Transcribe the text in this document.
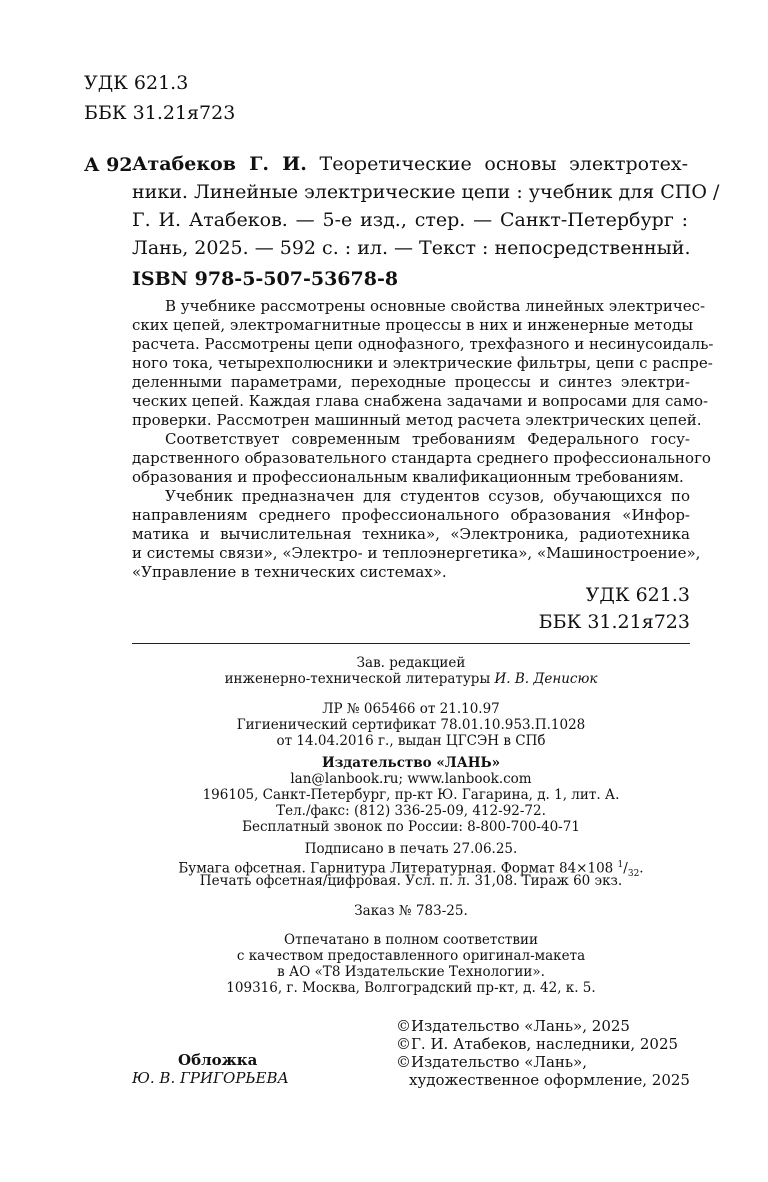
УДК 621.3
ББК 31.21я723
А 92 Атабеков Г. И. Теоретические основы электротех-
ники. Линейные электрические цепи : учебник для СПО /
Г. И. Атабеков. — 5-е изд., стер. — Санкт-Петербург :
Лань, 2025. — 592 с. : ил. — Текст : непосредственный.
ISBN 978-5-507-53678-8
В учебнике рассмотрены основные свойства линейных электричес-
ских цепей, электромагнитные процессы в них и инженерные методы
расчета. Рассмотрены цепи однофазного, трехфазного и несинусоидаль-
ного тока, четырехполюсники и электрические фильтры, цепи с распре-
деленными параметрами, переходные процессы и синтез электри-
ческих цепей. Каждая глава снабжена задачами и вопросами для само-
проверки. Рассмотрен машинный метод расчета электрических цепей.
Соответствует современным требованиям Федерального госу-
дарственного образовательного стандарта среднего профессионального
образования и профессиональным квалификационным требованиям.
Учебник предназначен для студентов ссузов, обучающихся по
направлениям среднего профессионального образования «Инфор-
матика и вычислительная техника», «Электроника, радиотехника
и системы связи», «Электро- и теплоэнергетика», «Машиностроение»,
«Управление в технических системах».
УДК 621.3
ББК 31.21я723
Зав. редакцией
инженерно-технической литературы И. В. Денисюк
ЛР № 065466 от 21.10.97
Гигиенический сертификат 78.01.10.953.П.1028
от 14.04.2016 г., выдан ЦГСЭН в СПб
Издательство «ЛАНЬ»
lan@lanbook.ru; www.lanbook.com
196105, Санкт-Петербург, пр-кт Ю. Гагарина, д. 1, лит. А.
Тел./факс: (812) 336-25-09, 412-92-72.
Бесплатный звонок по России: 8-800-700-40-71
Подписано в печать 27.06.25.
Бумага офсетная. Гарнитура Литературная. Формат 84×108 $^1/_{32}$.
Печать офсетная/цифровая. Усл. п. л. 31,08. Тираж 60 экз.
Заказ № 783-25.
Отпечатано в полном соответствии
с качеством предоставленного оригинал-макета
в АО «Т8 Издательские Технологии».
109316, г. Москва, Волгоградский пр-кт, д. 42, к. 5.
©Издательство «Лань», 2025
©Г. И. Атабеков, наследники, 2025
©Издательство «Лань»,
художественное оформление, 2025
Обложка
Ю. В. ГРИГОРЬЕВА
